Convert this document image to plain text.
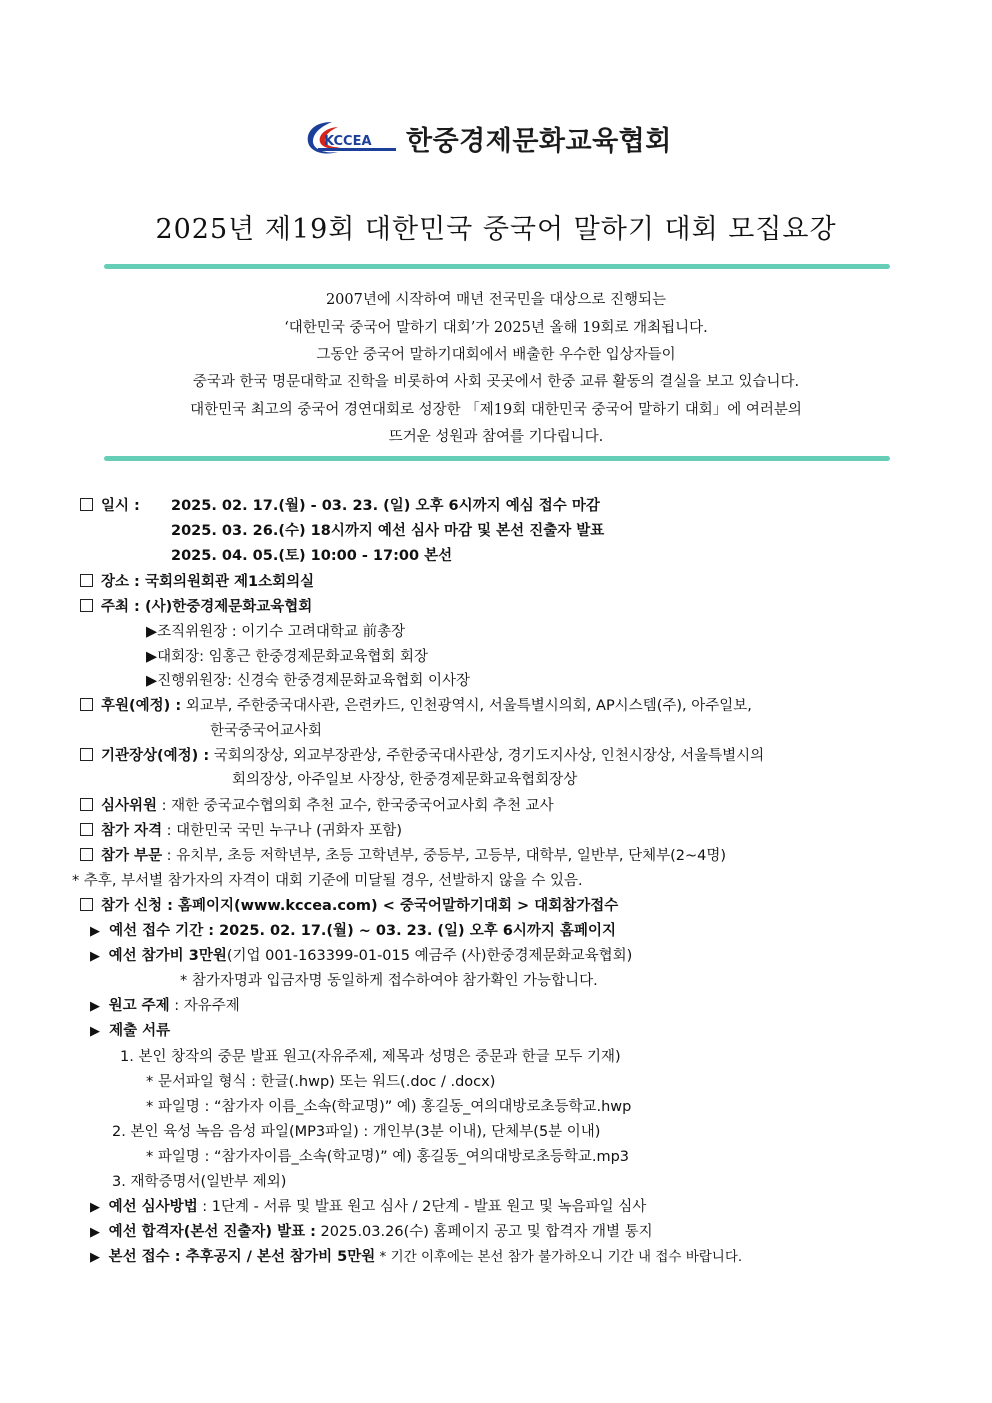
KCCEA 한중경제문화교육협회
2025년 제19회 대한민국 중국어 말하기 대회 모집요강
2007년에 시작하여 매년 전국민을 대상으로 진행되는
‘대한민국 중국어 말하기 대회’가 2025년 올해 19회로 개최됩니다.
그동안 중국어 말하기대회에서 배출한 우수한 입상자들이
중국과 한국 명문대학교 진학을 비롯하여 사회 곳곳에서 한중 교류 활동의 결실을 보고 있습니다.
대한민국 최고의 중국어 경연대회로 성장한 「제19회 대한민국 중국어 말하기 대회」에 여러분의
뜨거운 성원과 참여를 기다립니다.
일시 : 2025. 02. 17.(월) - 03. 23. (일) 오후 6시까지 예심 접수 마감
2025. 03. 26.(수) 18시까지 예선 심사 마감 및 본선 진출자 발표
2025. 04. 05.(토) 10:00 - 17:00 본선
장소 : 국회의원회관 제1소회의실
주최 : (사)한중경제문화교육협회
▶조직위원장 : 이기수 고려대학교 前총장
▶대회장: 임홍근 한중경제문화교육협회 회장
▶진행위원장: 신경숙 한중경제문화교육협회 이사장
후원(예정) : 외교부, 주한중국대사관, 은련카드, 인천광역시, 서울특별시의회, AP시스템(주), 아주일보,
한국중국어교사회
기관장상(예정) : 국회의장상, 외교부장관상, 주한중국대사관상, 경기도지사상, 인천시장상, 서울특별시의
회의장상, 아주일보 사장상, 한중경제문화교육협회장상
심사위원 : 재한 중국교수협의회 추천 교수, 한국중국어교사회 추천 교사
참가 자격 : 대한민국 국민 누구나 (귀화자 포함)
참가 부문 : 유치부, 초등 저학년부, 초등 고학년부, 중등부, 고등부, 대학부, 일반부, 단체부(2~4명)
* 추후, 부서별 참가자의 자격이 대회 기준에 미달될 경우, 선발하지 않을 수 있음.
참가 신청 : 홈페이지(www.kccea.com) < 중국어말하기대회 > 대회참가접수
▶ 예선 접수 기간 : 2025. 02. 17.(월) ~ 03. 23. (일) 오후 6시까지 홈페이지
▶ 예선 참가비 3만원(기업 001-163399-01-015 예금주 (사)한중경제문화교육협회)
* 참가자명과 입금자명 동일하게 접수하여야 참가확인 가능합니다.
▶ 원고 주제 : 자유주제
▶ 제출 서류
1. 본인 창작의 중문 발표 원고(자유주제, 제목과 성명은 중문과 한글 모두 기재)
* 문서파일 형식 : 한글(.hwp) 또는 워드(.doc / .docx)
* 파일명 : “참가자 이름_소속(학교명)” 예) 홍길동_여의대방로초등학교.hwp
2. 본인 육성 녹음 음성 파일(MP3파일) : 개인부(3분 이내), 단체부(5분 이내)
* 파일명 : “참가자이름_소속(학교명)” 예) 홍길동_여의대방로초등학교.mp3
3. 재학증명서(일반부 제외)
▶ 예선 심사방법 : 1단계 - 서류 및 발표 원고 심사 / 2단계 - 발표 원고 및 녹음파일 심사
▶ 예선 합격자(본선 진출자) 발표 : 2025.03.26(수) 홈페이지 공고 및 합격자 개별 통지
▶ 본선 접수 : 추후공지 / 본선 참가비 5만원 * 기간 이후에는 본선 참가 불가하오니 기간 내 접수 바랍니다.
